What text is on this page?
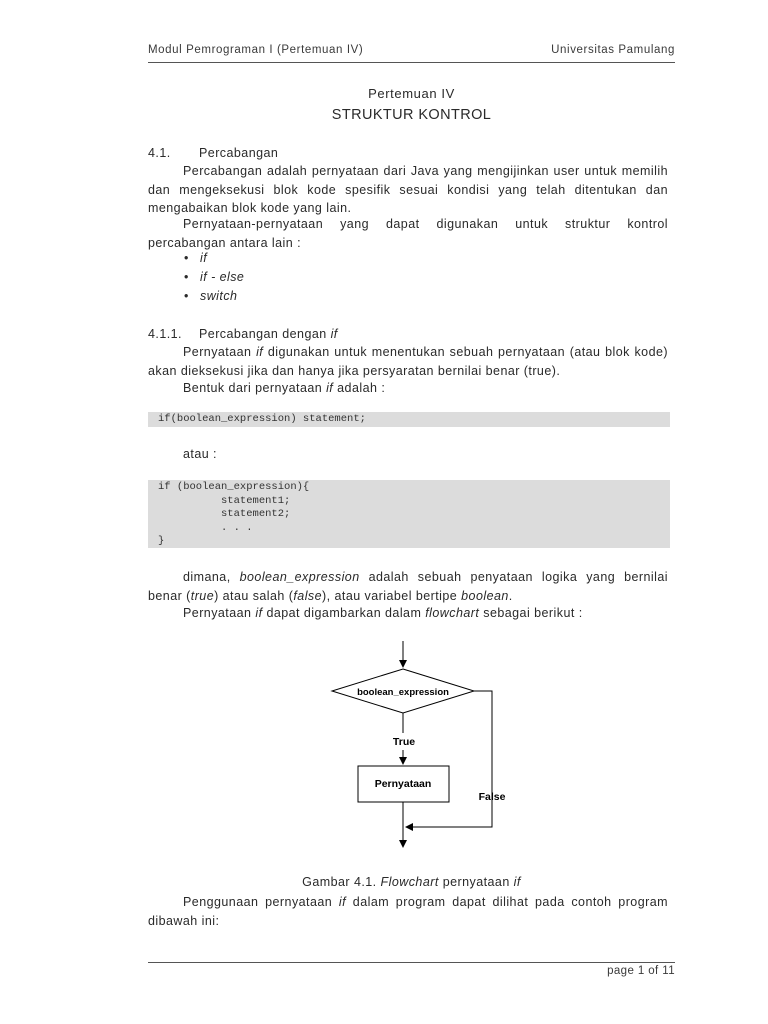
Modul Pemrograman I (Pertemuan IV)	Universitas Pamulang
Pertemuan IV
STRUKTUR KONTROL
4.1. Percabangan
Percabangan adalah pernyataan dari Java yang mengijinkan user untuk memilih dan mengeksekusi blok kode spesifik sesuai kondisi yang telah ditentukan dan mengabaikan blok kode yang lain.
Pernyataan-pernyataan yang dapat digunakan untuk struktur kontrol percabangan antara lain :
• if
• if - else
• switch
4.1.1. Percabangan dengan if
Pernyataan if digunakan untuk menentukan sebuah pernyataan (atau blok kode) akan dieksekusi jika dan hanya jika persyaratan bernilai benar (true).
Bentuk dari pernyataan if adalah :
if(boolean_expression) statement;
atau :
if (boolean_expression){
statement1;
statement2;
. . .
}
dimana, boolean_expression adalah sebuah penyataan logika yang bernilai benar (true) atau salah (false), atau variabel bertipe boolean.
Pernyataan if dapat digambarkan dalam flowchart sebagai berikut :
boolean_expression
True
Pernyataan
False
Gambar 4.1. Flowchart pernyataan if
Penggunaan pernyataan if dalam program dapat dilihat pada contoh program dibawah ini:
page 1 of 11
